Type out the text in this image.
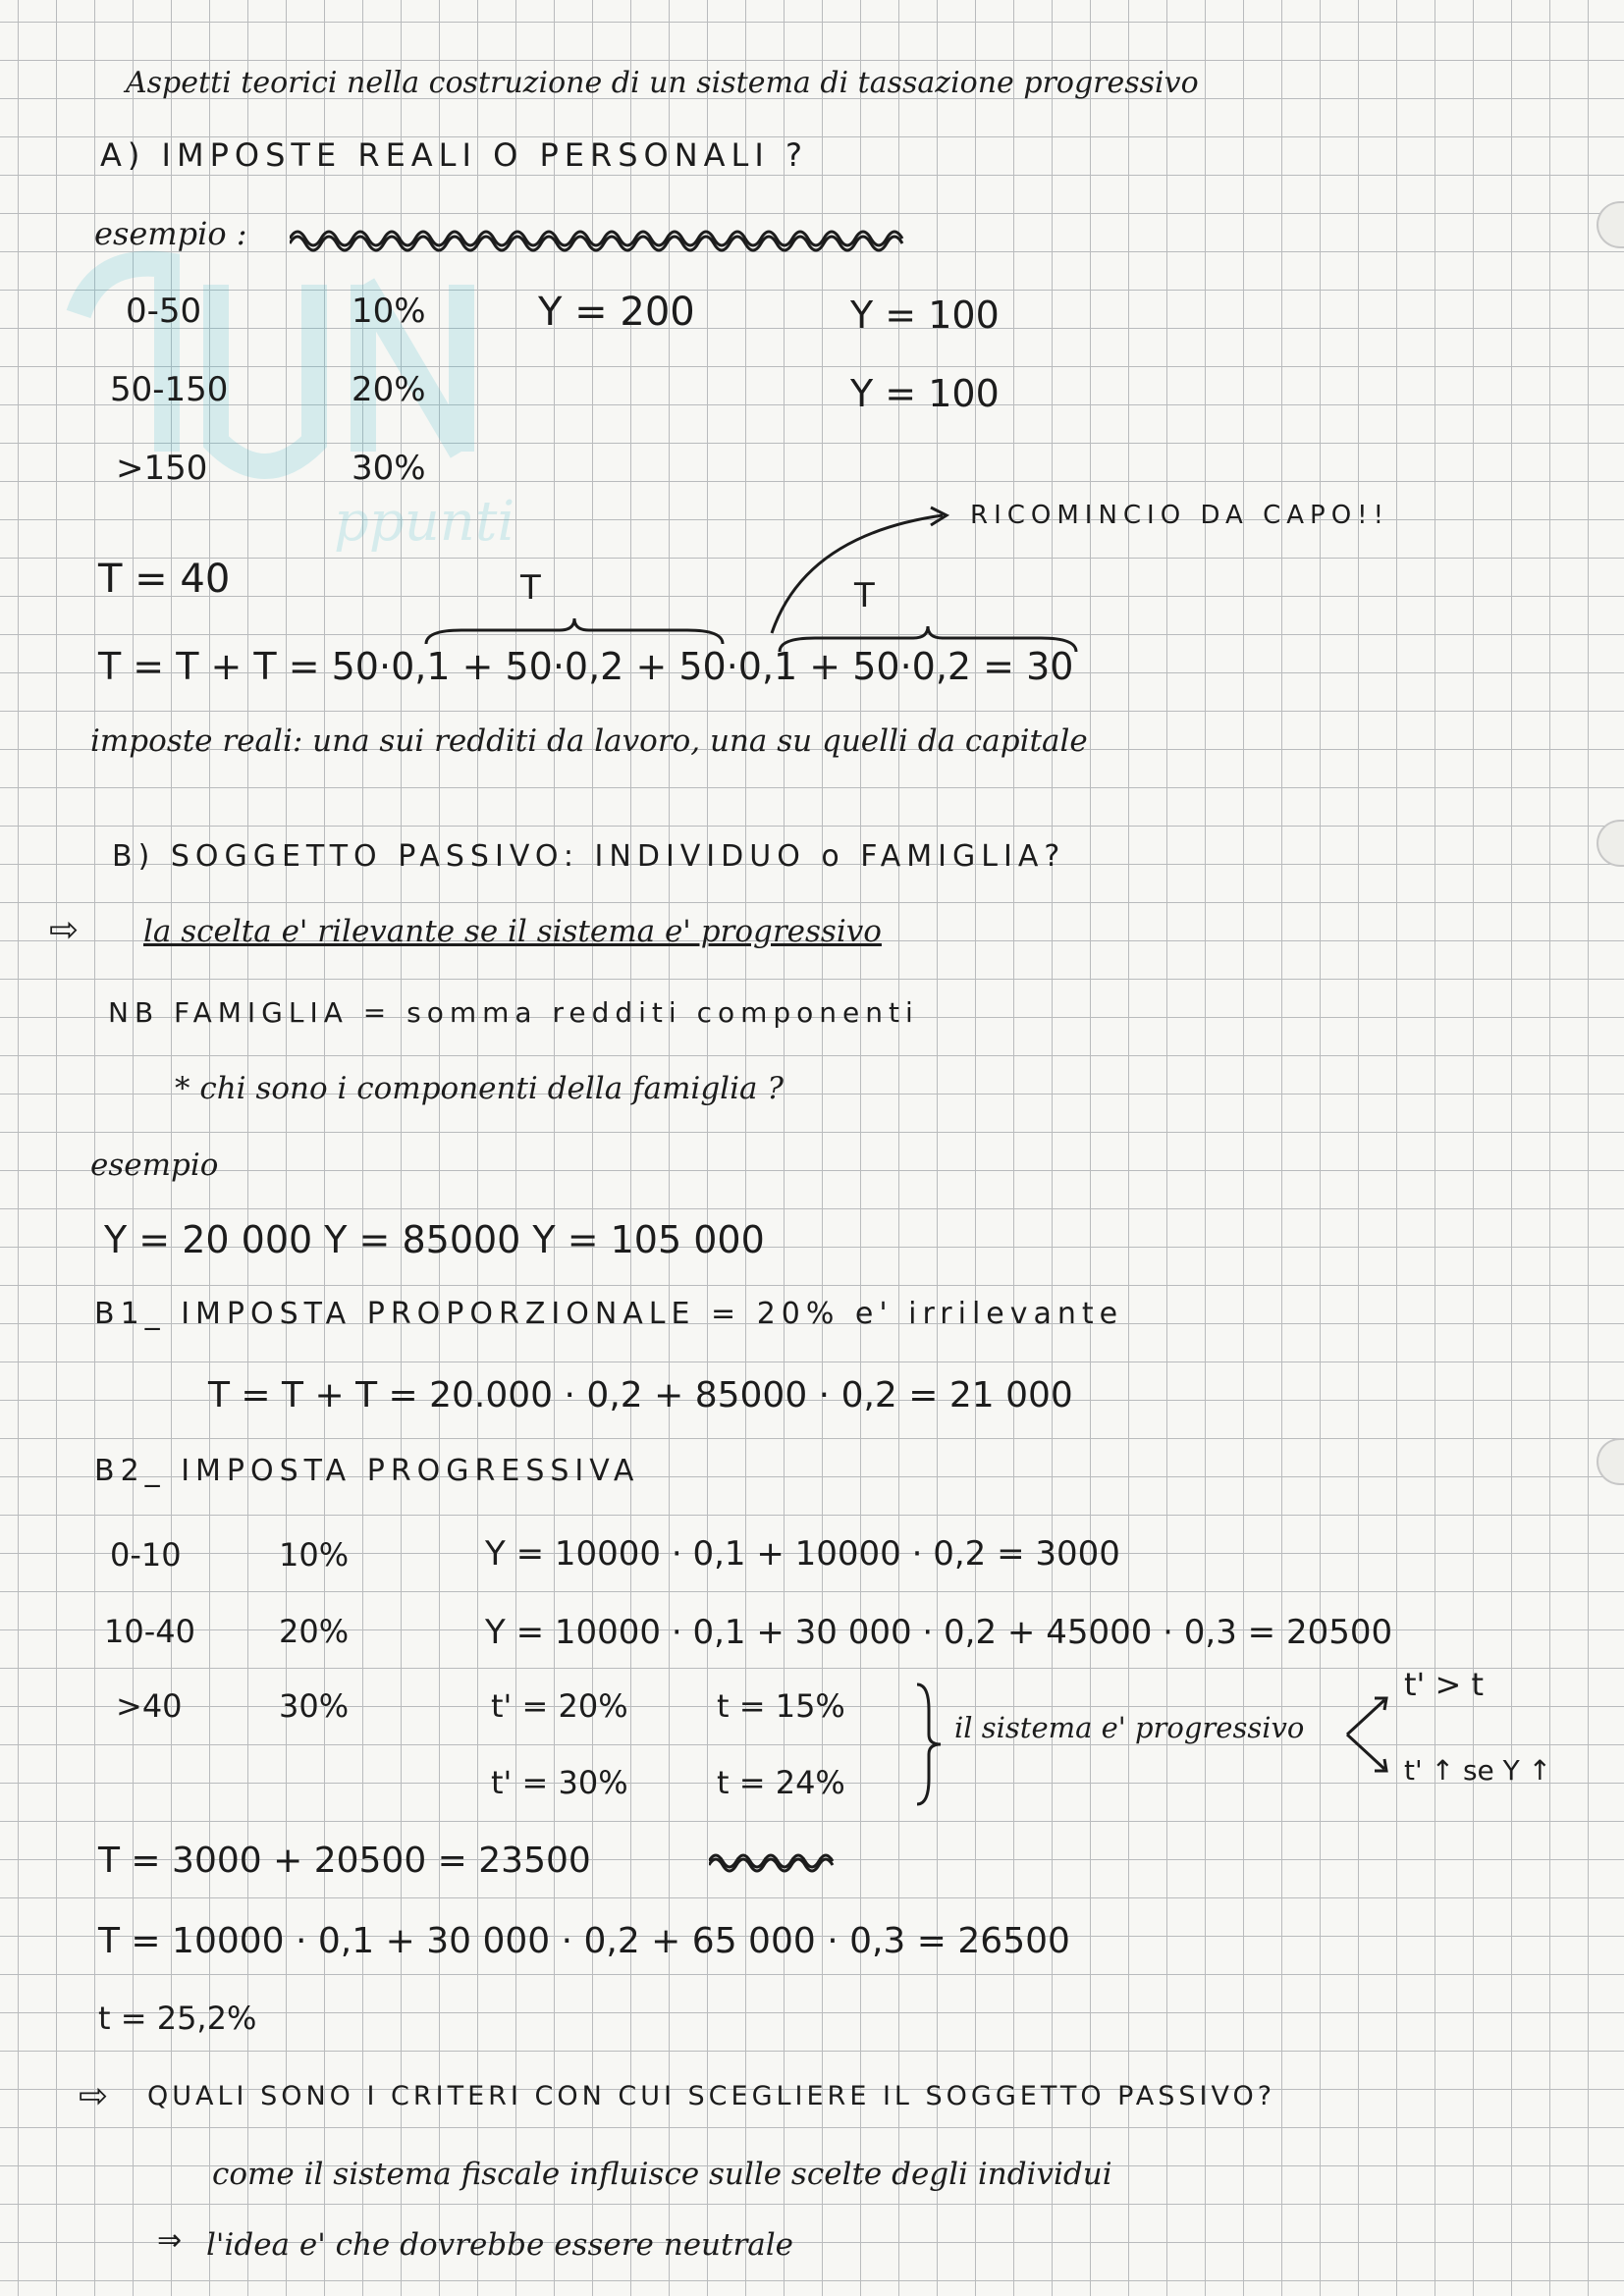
ppunti
Aspetti teorici nella costruzione di un sistema di tassazione progressivo
A) IMPOSTE REALI O PERSONALI ?
esempio :
0-50	10%
50-150	20%
>150	30%
Y = 200	Y = 100
Y = 100
RICOMINCIO DA CAPO!!
T = 40	T	T
T = T + T = 50·0,1 + 50·0,2 + 50·0,1 + 50·0,2 = 30
imposte reali: una sui redditi da lavoro, una su quelli da capitale
B) SOGGETTO PASSIVO: INDIVIDUO o FAMIGLIA?
⇨ la scelta e' rilevante se il sistema e' progressivo
NB FAMIGLIA = somma redditi componenti
* chi sono i componenti della famiglia ?
esempio
Y = 20 000 Y = 85000 Y = 105 000
B1_ IMPOSTA PROPORZIONALE = 20% e' irrilevante
T = T + T = 20.000 · 0,2 + 85000 · 0,2 = 21 000
B2_ IMPOSTA PROGRESSIVA
0-10	10%
10-40	20%
>40	30%
Y = 10000 · 0,1 + 10000 · 0,2 = 3000
Y = 10000 · 0,1 + 30 000 · 0,2 + 45000 · 0,3 = 20500
t' = 20%	t = 15%
t' = 30%	t = 24%
il sistema e' progressivo
t' > t
t' ↑ se Y ↑
T = 3000 + 20500 = 23500
T = 10000 · 0,1 + 30 000 · 0,2 + 65 000 · 0,3 = 26500
t = 25,2%
⇨ QUALI SONO I CRITERI CON CUI SCEGLIERE IL SOGGETTO PASSIVO?
come il sistema fiscale influisce sulle scelte degli individui
⇒ l'idea e' che dovrebbe essere neutrale
